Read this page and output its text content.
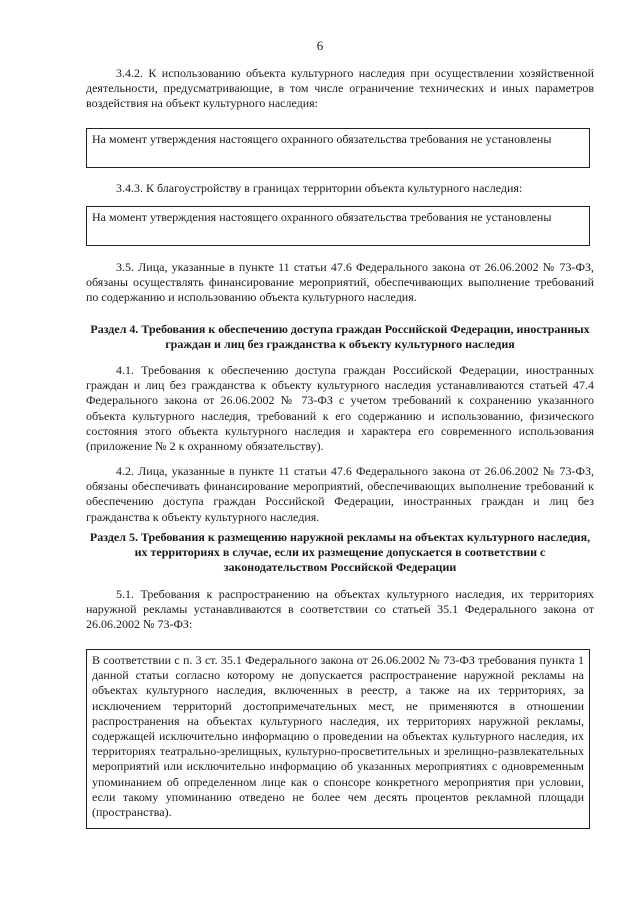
6

3.4.2. К использованию объекта культурного наследия при осуществлении хозяйственной деятельности, предусматривающие, в том числе ограничение технических и иных параметров воздействия на объект культурного наследия:

На момент утверждения настоящего охранного обязательства требования не установлены

3.4.3. К благоустройству в границах территории объекта культурного наследия:

На момент утверждения настоящего охранного обязательства требования не установлены

3.5. Лица, указанные в пункте 11 статьи 47.6 Федерального закона от 26.06.2002 № 73-ФЗ, обязаны осуществлять финансирование мероприятий, обеспечивающих выполнение требований по содержанию и использованию объекта культурного наследия.

Раздел 4. Требования к обеспечению доступа граждан Российской Федерации, иностранных граждан и лиц без гражданства к объекту культурного наследия

4.1. Требования к обеспечению доступа граждан Российской Федерации, иностранных граждан и лиц без гражданства к объекту культурного наследия устанавливаются статьей 47.4 Федерального закона от 26.06.2002 № 73-ФЗ с учетом требований к сохранению указанного объекта культурного наследия, требований к его содержанию и использованию, физического состояния этого объекта культурного наследия и характера его современного использования (приложение № 2 к охранному обязательству).

4.2. Лица, указанные в пункте 11 статьи 47.6 Федерального закона от 26.06.2002 № 73-ФЗ, обязаны обеспечивать финансирование мероприятий, обеспечивающих выполнение требований к обеспечению доступа граждан Российской Федерации, иностранных граждан и лиц без гражданства к объекту культурного наследия.

Раздел 5. Требования к размещению наружной рекламы на объектах культурного наследия, их территориях в случае, если их размещение допускается в соответствии с законодательством Российской Федерации

5.1. Требования к распространению на объектах культурного наследия, их территориях наружной рекламы устанавливаются в соответствии со статьей 35.1 Федерального закона от 26.06.2002 № 73-ФЗ:

В соответствии с п. 3 ст. 35.1 Федерального закона от 26.06.2002 № 73-ФЗ требования пункта 1 данной статьи согласно которому не допускается распространение наружной рекламы на объектах культурного наследия, включенных в реестр, а также на их территориях, за исключением территорий достопримечательных мест, не применяются в отношении распространения на объектах культурного наследия, их территориях наружной рекламы, содержащей исключительно информацию о проведении на объектах культурного наследия, их территориях театрально-зрелищных, культурно-просветительных и зрелищно-развлекательных мероприятий или исключительно информацию об указанных мероприятиях с одновременным упоминанием об определенном лице как о спонсоре конкретного мероприятия при условии, если такому упоминанию отведено не более чем десять процентов рекламной площади (пространства).
